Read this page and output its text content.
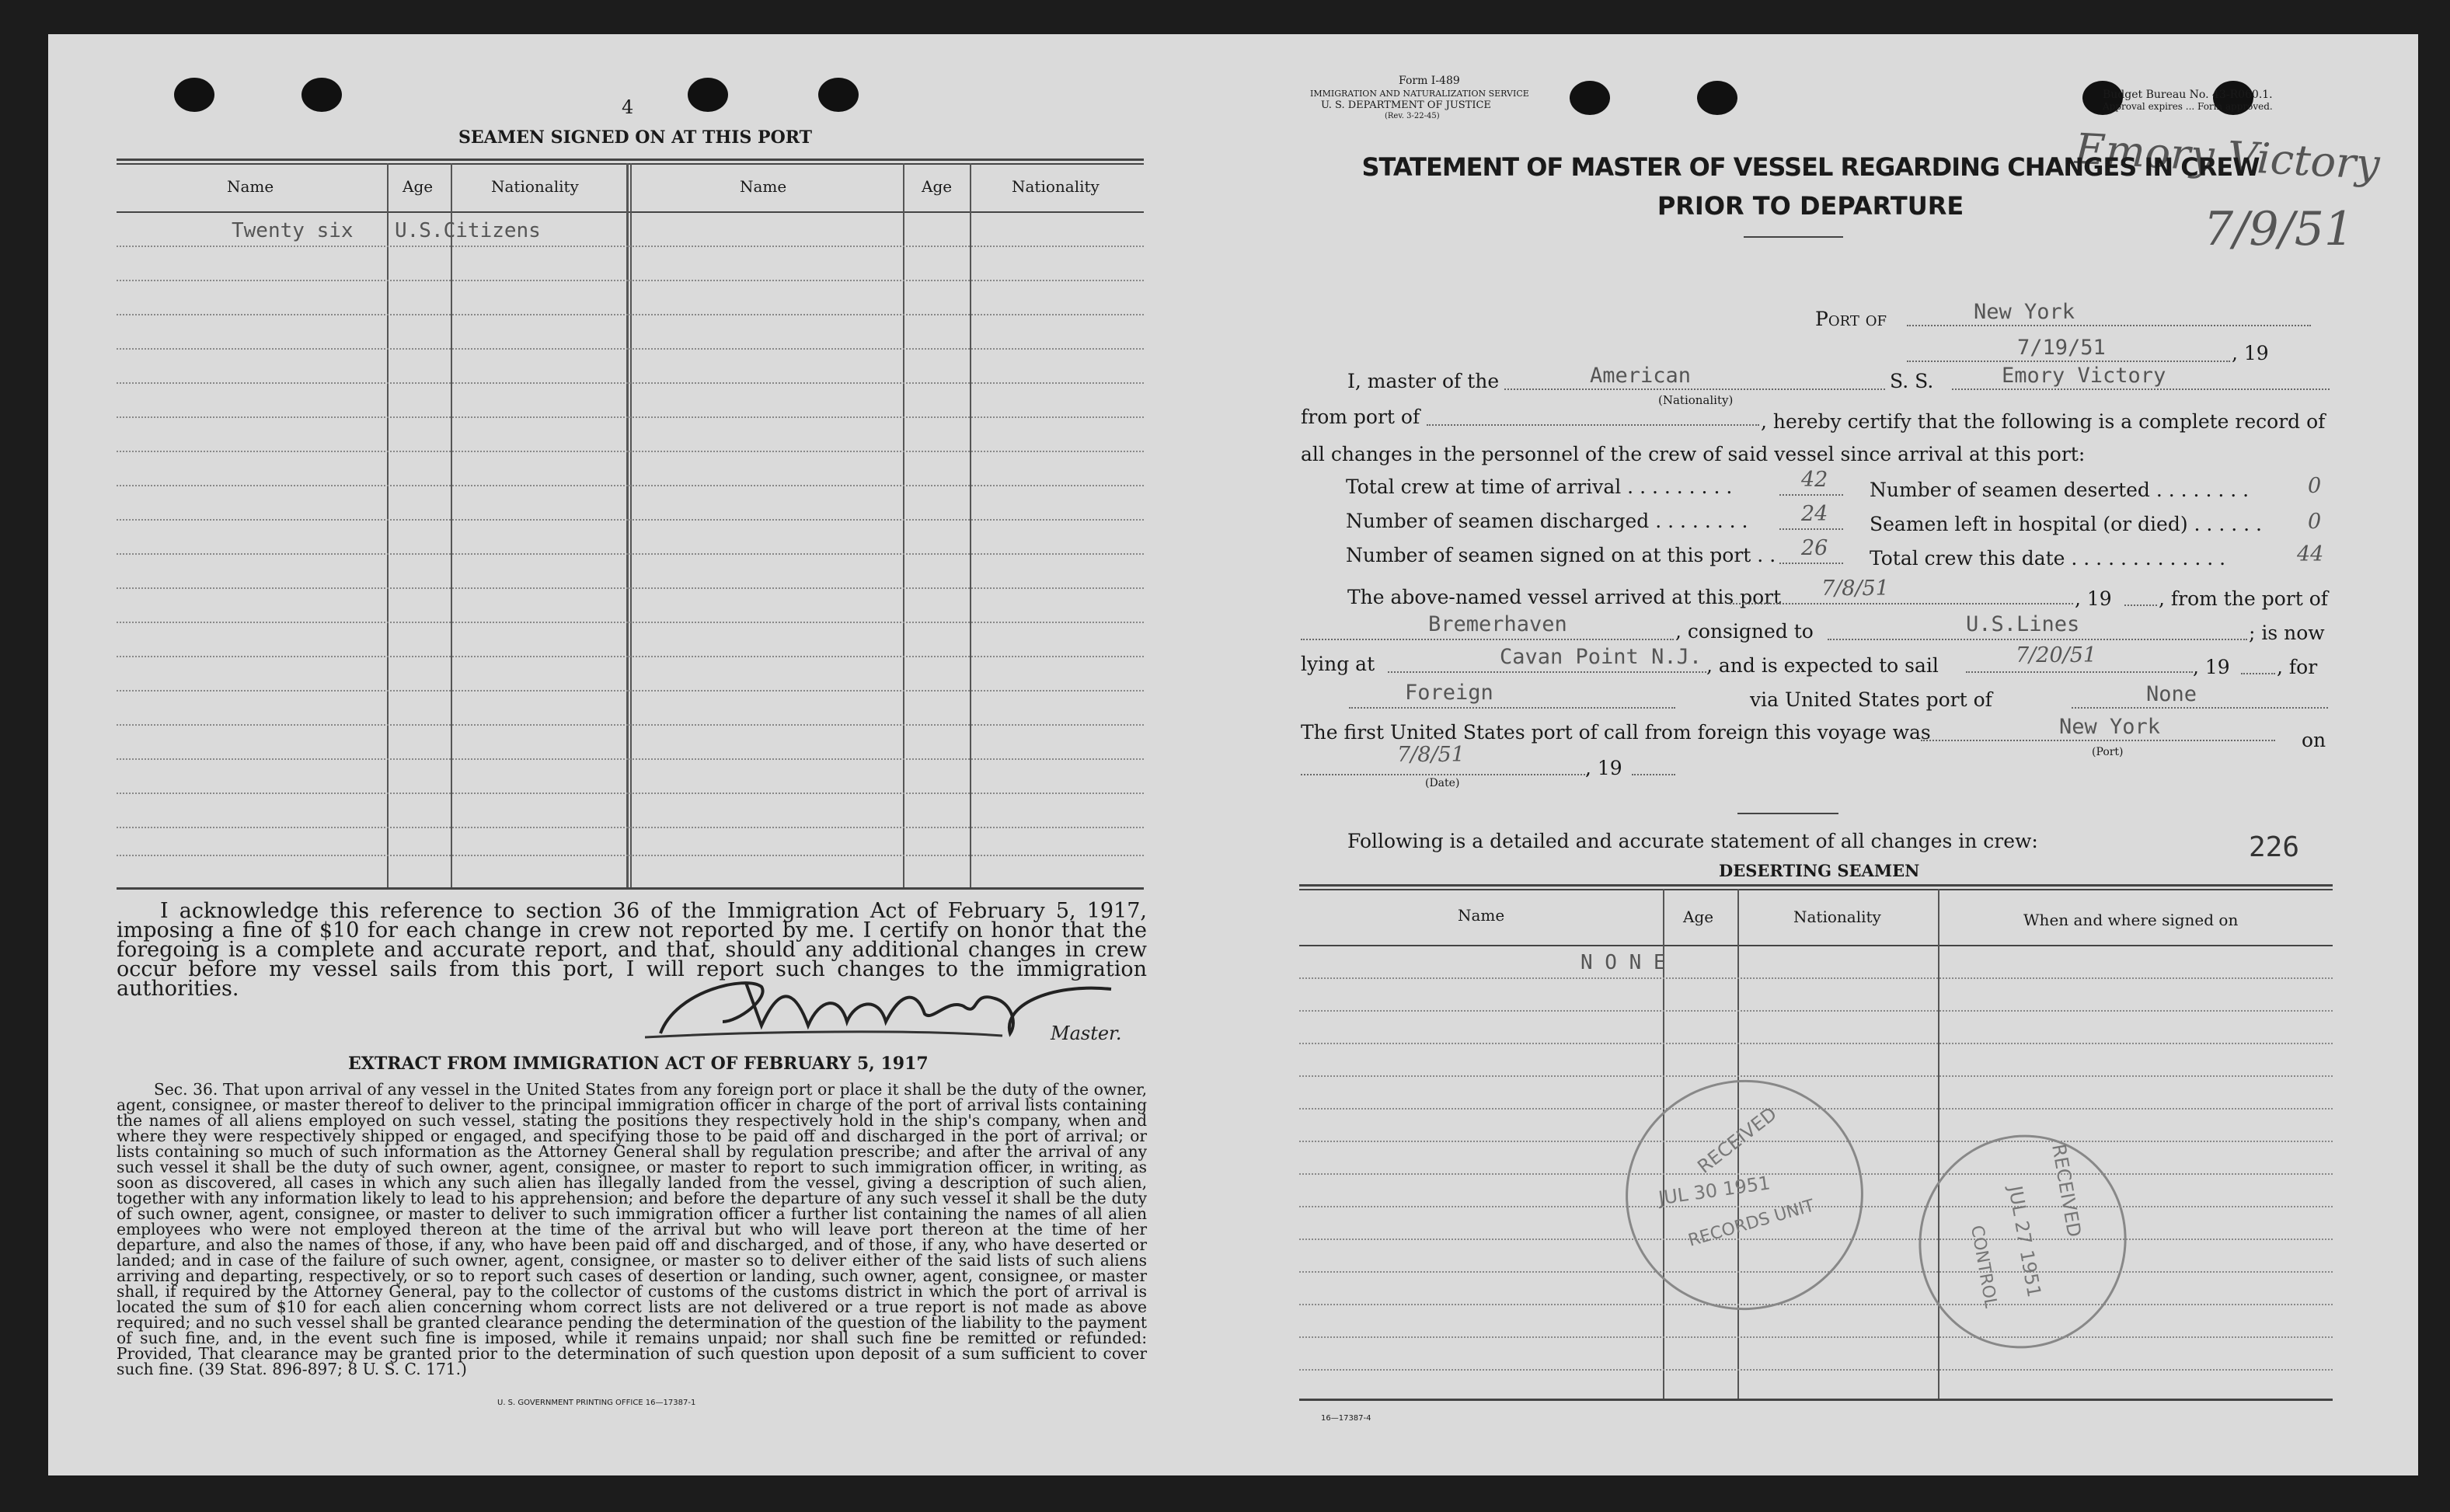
4
SEAMEN SIGNED ON AT THIS PORT
Name	Age	Nationality	Name	Age	Nationality
Twenty six U.S.Citizens
I acknowledge this reference to section 36 of the Immigration Act of February 5, 1917, imposing a fine of $10 for each change in crew not reported by me. I certify on honor that the foregoing is a complete and accurate report, and that, should any additional changes in crew occur before my vessel sails from this port, I will report such changes to the immigration authorities.
Master.
EXTRACT FROM IMMIGRATION ACT OF FEBRUARY 5, 1917
Sec. 36. That upon arrival of any vessel in the United States from any foreign port or place it shall be the duty of the owner, agent, consignee, or master thereof to deliver to the principal immigration officer in charge of the port of arrival lists containing the names of all aliens employed on such vessel, stating the positions they respectively hold in the ship's company, when and where they were respectively shipped or engaged, and specifying those to be paid off and discharged in the port of arrival; or lists containing so much of such information as the Attorney General shall by regulation prescribe; and after the arrival of any such vessel it shall be the duty of such owner, agent, consignee, or master to report to such immigration officer, in writing, as soon as discovered, all cases in which any such alien has illegally landed from the vessel, giving a description of such alien, together with any information likely to lead to his apprehension; and before the departure of any such vessel it shall be the duty of such owner, agent, consignee, or master to deliver to such immigration officer a further list containing the names of all alien employees who were not employed thereon at the time of the arrival but who will leave port thereon at the time of her departure, and also the names of those, if any, who have been paid off and discharged, and of those, if any, who have deserted or landed; and in case of the failure of such owner, agent, consignee, or master so to deliver either of the said lists of such aliens arriving and departing, respectively, or so to report such cases of desertion or landing, such owner, agent, consignee, or master shall, if required by the Attorney General, pay to the collector of customs of the customs district in which the port of arrival is located the sum of $10 for each alien concerning whom correct lists are not delivered or a true report is not made as above required; and no such vessel shall be granted clearance pending the determination of the question of the liability to the payment of such fine, and, in the event such fine is imposed, while it remains unpaid; nor shall such fine be remitted or refunded: Provided, That clearance may be granted prior to the determination of such question upon deposit of a sum sufficient to cover such fine. (39 Stat. 896-897; 8 U. S. C. 171.)
U. S. GOVERNMENT PRINTING OFFICE 16—17387-1
Form I-489
IMMIGRATION AND NATURALIZATION SERVICE
U. S. DEPARTMENT OF JUSTICE
(Rev. 3-22-45)
Budget Bureau No. 43-R060.1.
Approval expires ... Form approved.
Emory Victory
7/9/51
STATEMENT OF MASTER OF VESSEL REGARDING CHANGES IN CREW
PRIOR TO DEPARTURE
Port of	New York
7/19/51	, 19
I, master of the	American
(Nationality)
S. S.	Emory Victory
from port of	, hereby certify that the following is a complete record of
all changes in the personnel of the crew of said vessel since arrival at this port:
Total crew at time of arrival . . . . . . . . .	42 Number of seamen deserted . . . . . . . .	0
Number of seamen discharged . . . . . . . .	24 Seamen left in hospital (or died) . . . . . . 0
Number of seamen signed on at this port . . 26 Total crew this date . . . . . . . . . . . . .	44
The above-named vessel arrived at this port 7/8/51	, 19 , from the port of
Bremerhaven	, consigned to	U.S.Lines	; is now
lying at	Cavan Point N.J. , and is expected to sail	7/20/51	, 19 , for
Foreign	via United States port of	None
The first United States port of call from foreign this voyage was	New York
(Port)
on
7/8/51
, 19
(Date)
Following is a detailed and accurate statement of all changes in crew:	226
DESERTING SEAMEN
Name	Age	Nationality	When and where signed on
N O N E
RECEIVED
JUL 30 1951
RECORDS UNIT	RECEIVED
JUL 27 1951
CONTROL
16—17387-4
